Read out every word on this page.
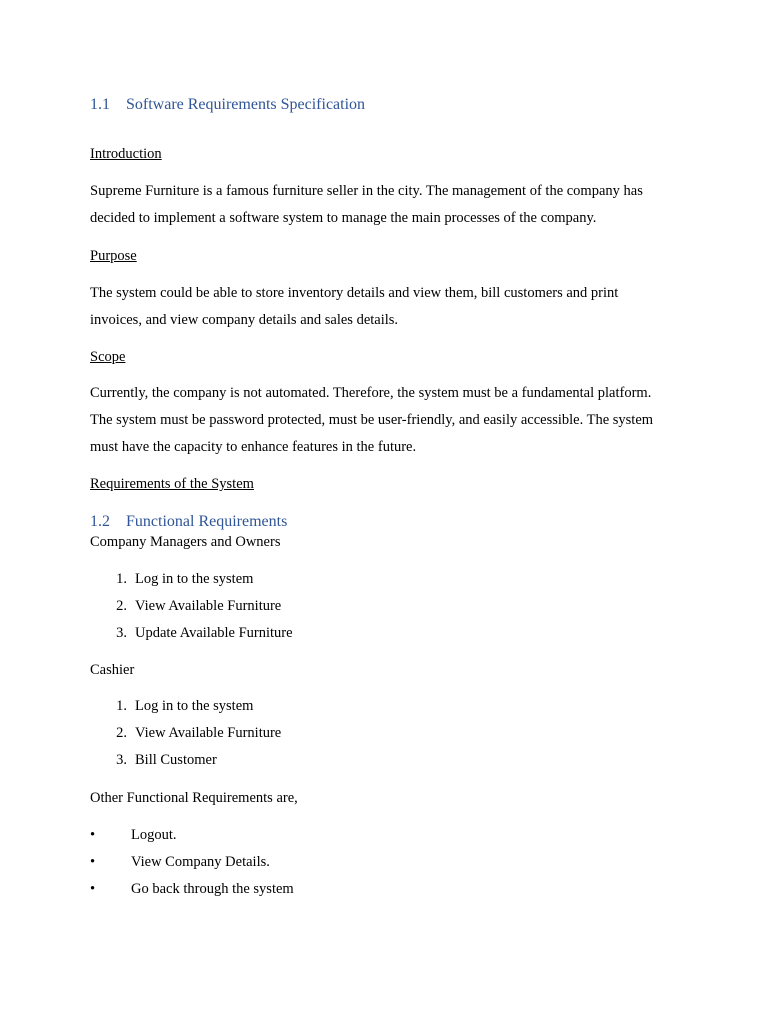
1.1 Software Requirements Specification
Introduction
Supreme Furniture is a famous furniture seller in the city. The management of the company has
decided to implement a software system to manage the main processes of the company.
Purpose
The system could be able to store inventory details and view them, bill customers and print
invoices, and view company details and sales details.
Scope
Currently, the company is not automated. Therefore, the system must be a fundamental platform.
The system must be password protected, must be user-friendly, and easily accessible. The system
must have the capacity to enhance features in the future.
Requirements of the System
1.2 Functional Requirements
Company Managers and Owners
1. Log in to the system
2. View Available Furniture
3. Update Available Furniture
Cashier
1. Log in to the system
2. View Available Furniture
3. Bill Customer
Other Functional Requirements are,
• Logout.
• View Company Details.
• Go back through the system
